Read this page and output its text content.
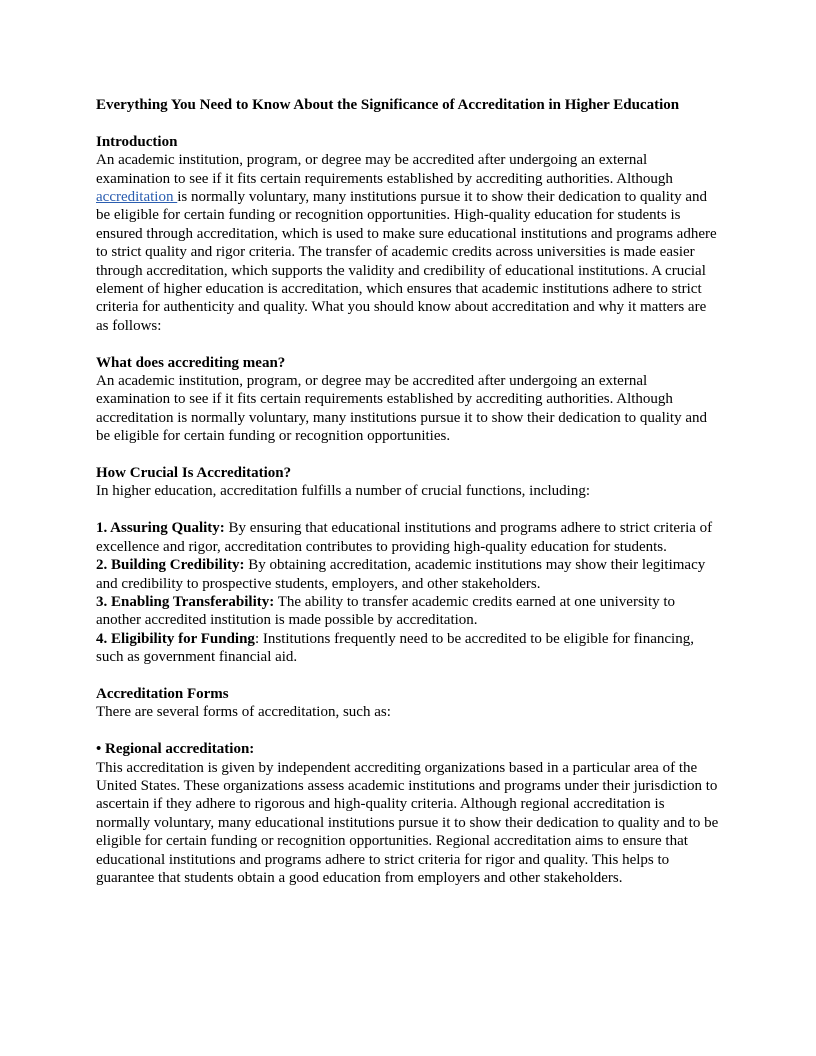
Everything You Need to Know About the Significance of Accreditation in Higher Education

Introduction

An academic institution, program, or degree may be accredited after undergoing an external examination to see if it fits certain requirements established by accrediting authorities. Although accreditation is normally voluntary, many institutions pursue it to show their dedication to quality and be eligible for certain funding or recognition opportunities. High-quality education for students is ensured through accreditation, which is used to make sure educational institutions and programs adhere to strict quality and rigor criteria. The transfer of academic credits across universities is made easier through accreditation, which supports the validity and credibility of educational institutions. A crucial element of higher education is accreditation, which ensures that academic institutions adhere to strict criteria for authenticity and quality. What you should know about accreditation and why it matters are as follows:

What does accrediting mean?

An academic institution, program, or degree may be accredited after undergoing an external examination to see if it fits certain requirements established by accrediting authorities. Although accreditation is normally voluntary, many institutions pursue it to show their dedication to quality and be eligible for certain funding or recognition opportunities.

How Crucial Is Accreditation?

In higher education, accreditation fulfills a number of crucial functions, including:

1. Assuring Quality: By ensuring that educational institutions and programs adhere to strict criteria of excellence and rigor, accreditation contributes to providing high-quality education for students.

2. Building Credibility: By obtaining accreditation, academic institutions may show their legitimacy and credibility to prospective students, employers, and other stakeholders.

3. Enabling Transferability: The ability to transfer academic credits earned at one university to another accredited institution is made possible by accreditation.

4. Eligibility for Funding: Institutions frequently need to be accredited to be eligible for financing, such as government financial aid.

Accreditation Forms

There are several forms of accreditation, such as:

• Regional accreditation:

This accreditation is given by independent accrediting organizations based in a particular area of the United States. These organizations assess academic institutions and programs under their jurisdiction to ascertain if they adhere to rigorous and high-quality criteria. Although regional accreditation is normally voluntary, many educational institutions pursue it to show their dedication to quality and to be eligible for certain funding or recognition opportunities. Regional accreditation aims to ensure that educational institutions and programs adhere to strict criteria for rigor and quality. This helps to guarantee that students obtain a good education from employers and other stakeholders.
